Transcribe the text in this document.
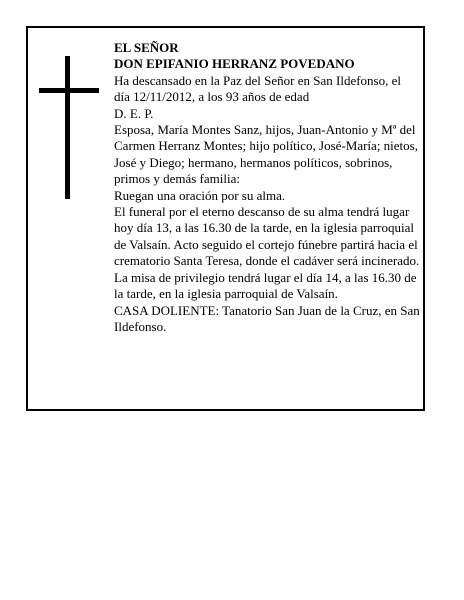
EL SEÑOR

DON EPIFANIO HERRANZ POVEDANO

Ha descansado en la Paz del Señor en San Ildefonso, el día 12/11/2012, a los 93 años de edad

D. E. P.

Esposa, María Montes Sanz, hijos, Juan-Antonio y Mª del Carmen Herranz Montes; hijo político, José-María; nietos, José y Diego; hermano, hermanos políticos, sobrinos, primos y demás familia:

Ruegan una oración por su alma.

El funeral por el eterno descanso de su alma tendrá lugar hoy día 13, a las 16.30 de la tarde, en la iglesia parroquial de Valsaín. Acto seguido el cortejo fúnebre partirá hacia el crematorio Santa Teresa, donde el cadáver será incinerado. La misa de privilegio tendrá lugar el día 14, a las 16.30 de la tarde, en la iglesia parroquial de Valsaín.

CASA DOLIENTE: Tanatorio San Juan de la Cruz, en San Ildefonso.
